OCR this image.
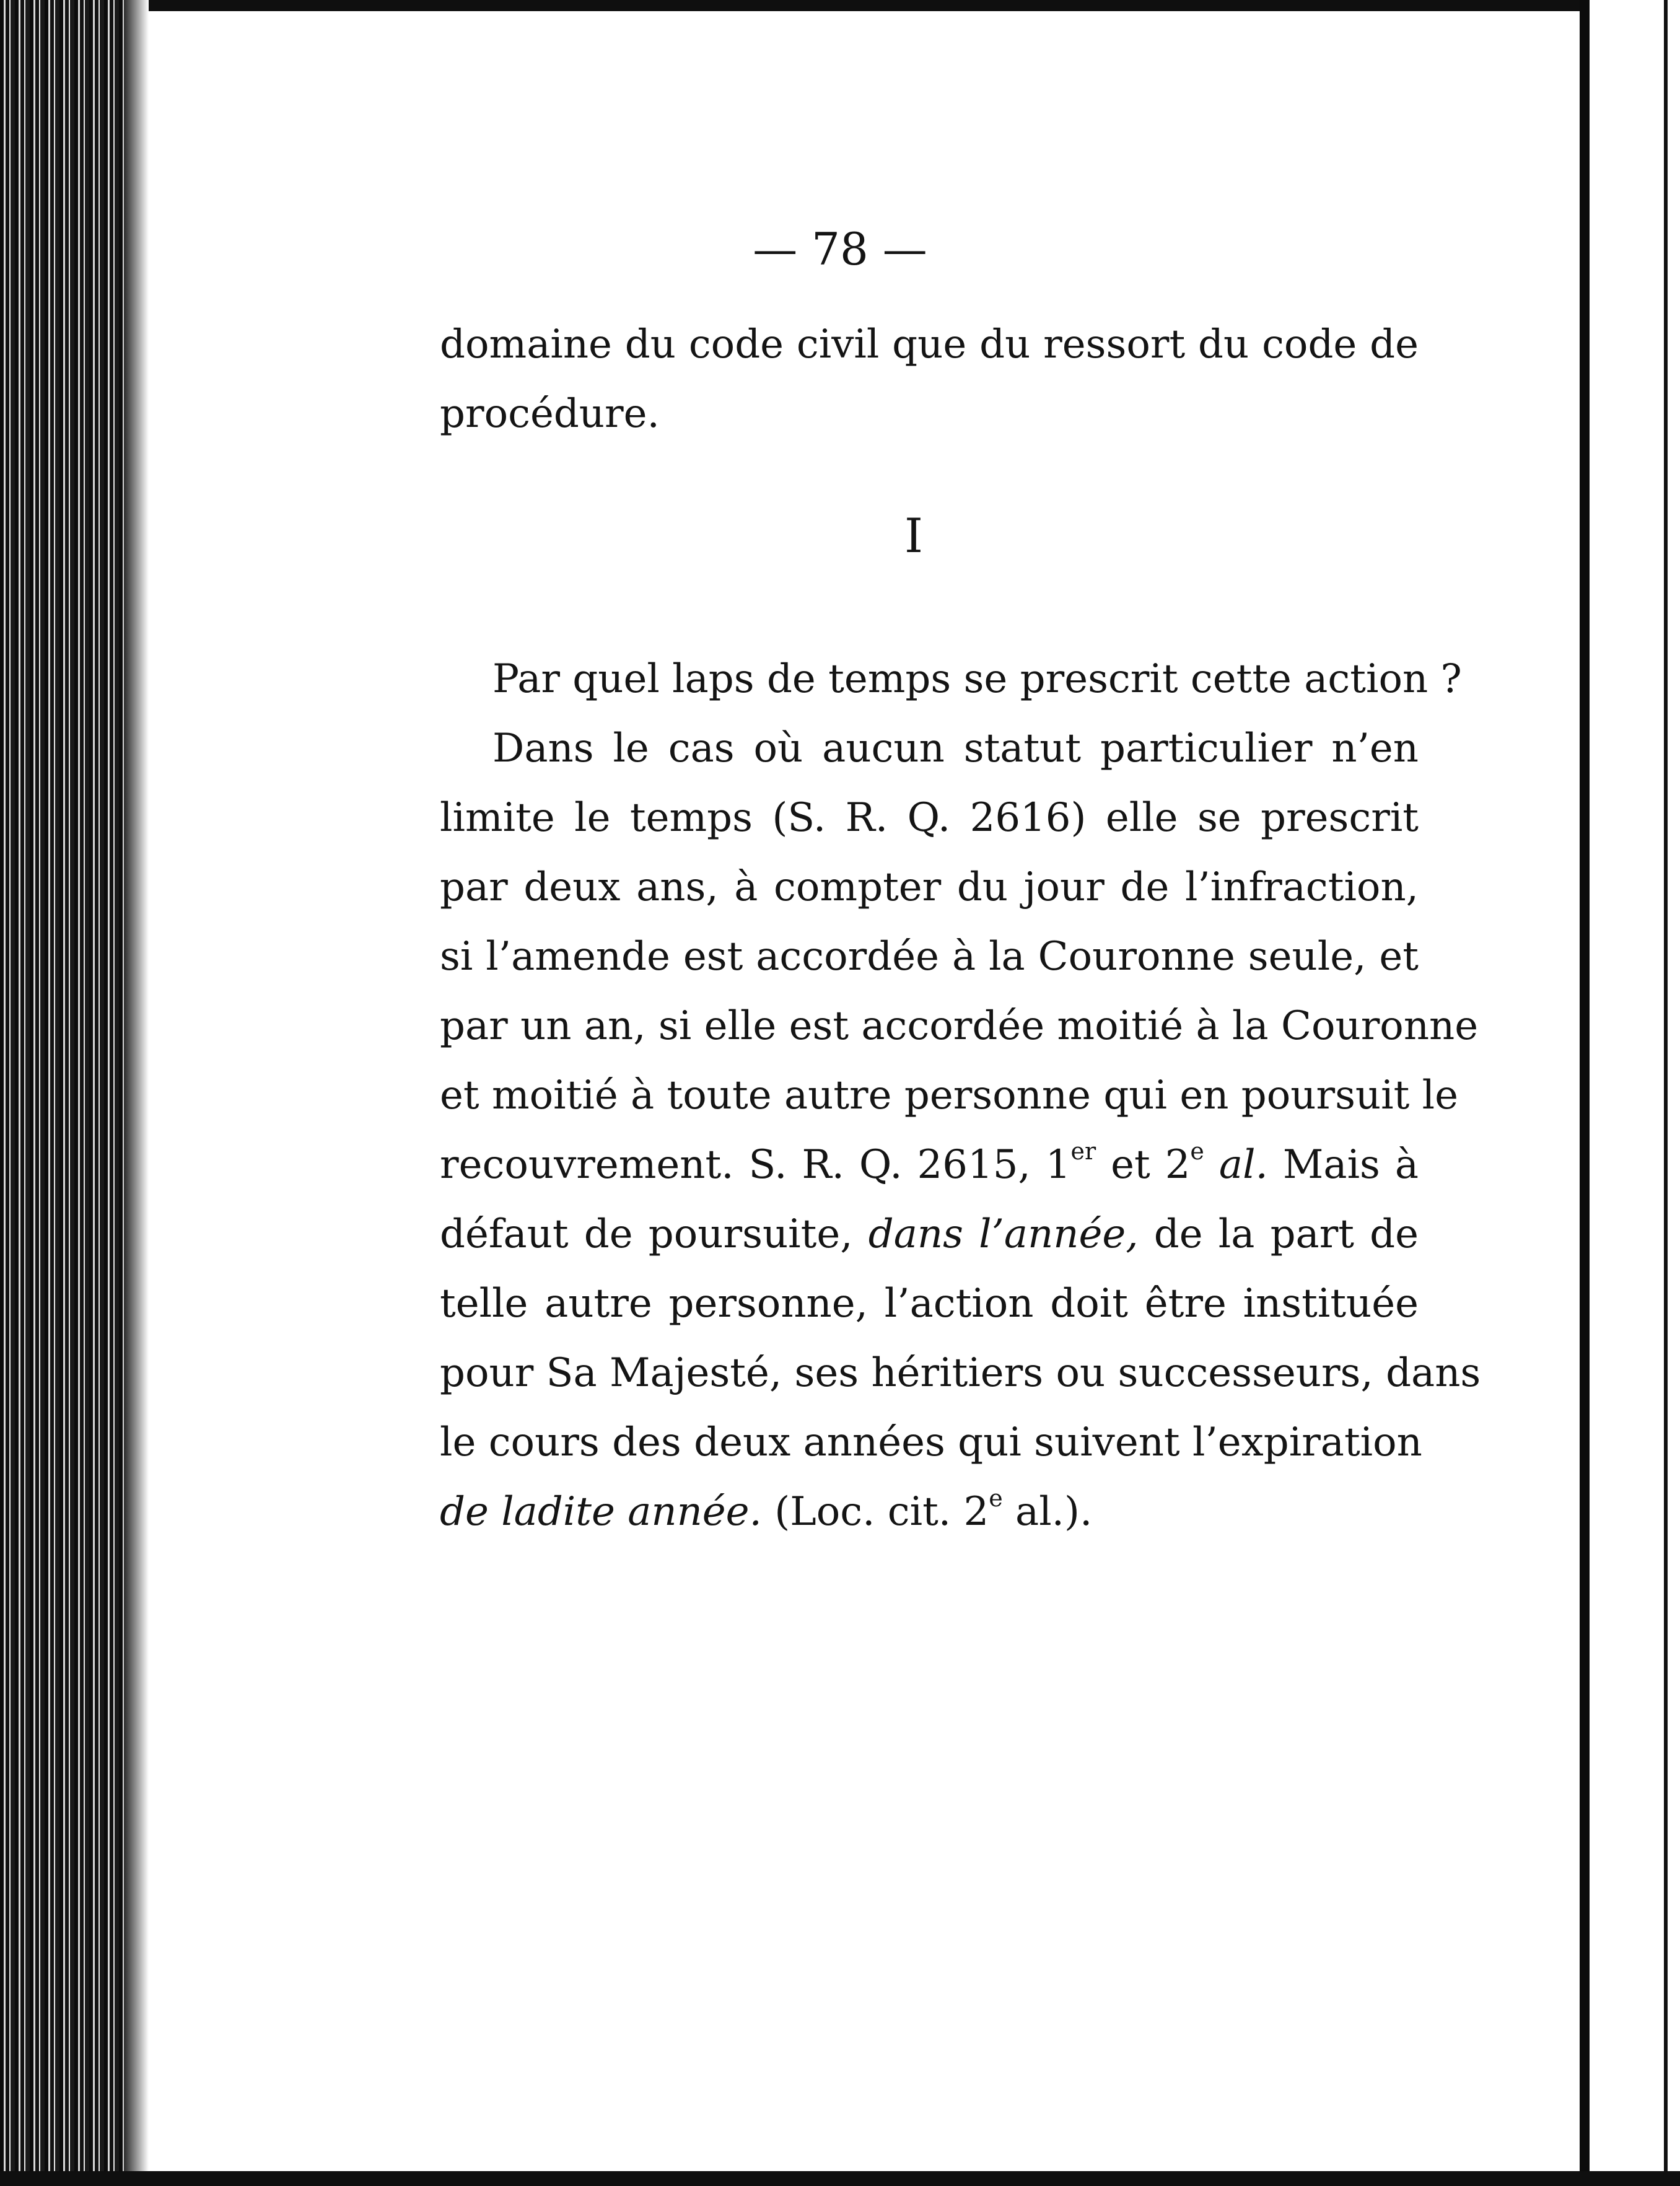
— 78 —
domaine du code civil que du ressort du code de
procédure.
I
Par quel laps de temps se prescrit cette action ?
Dans le cas où aucun statut particulier n’en
limite le temps (S. R. Q. 2616) elle se prescrit
par deux ans, à compter du jour de l’infraction,
si l’amende est accordée à la Couronne seule, et
par un an, si elle est accordée moitié à la Couronne
et moitié à toute autre personne qui en poursuit le
recouvrement. S. R. Q. 2615, 1er et 2e al. Mais à
défaut de poursuite, dans l’année, de la part de
telle autre personne, l’action doit être instituée
pour Sa Majesté, ses héritiers ou successeurs, dans
le cours des deux années qui suivent l’expiration
de ladite année. (Loc. cit. 2e al.).
